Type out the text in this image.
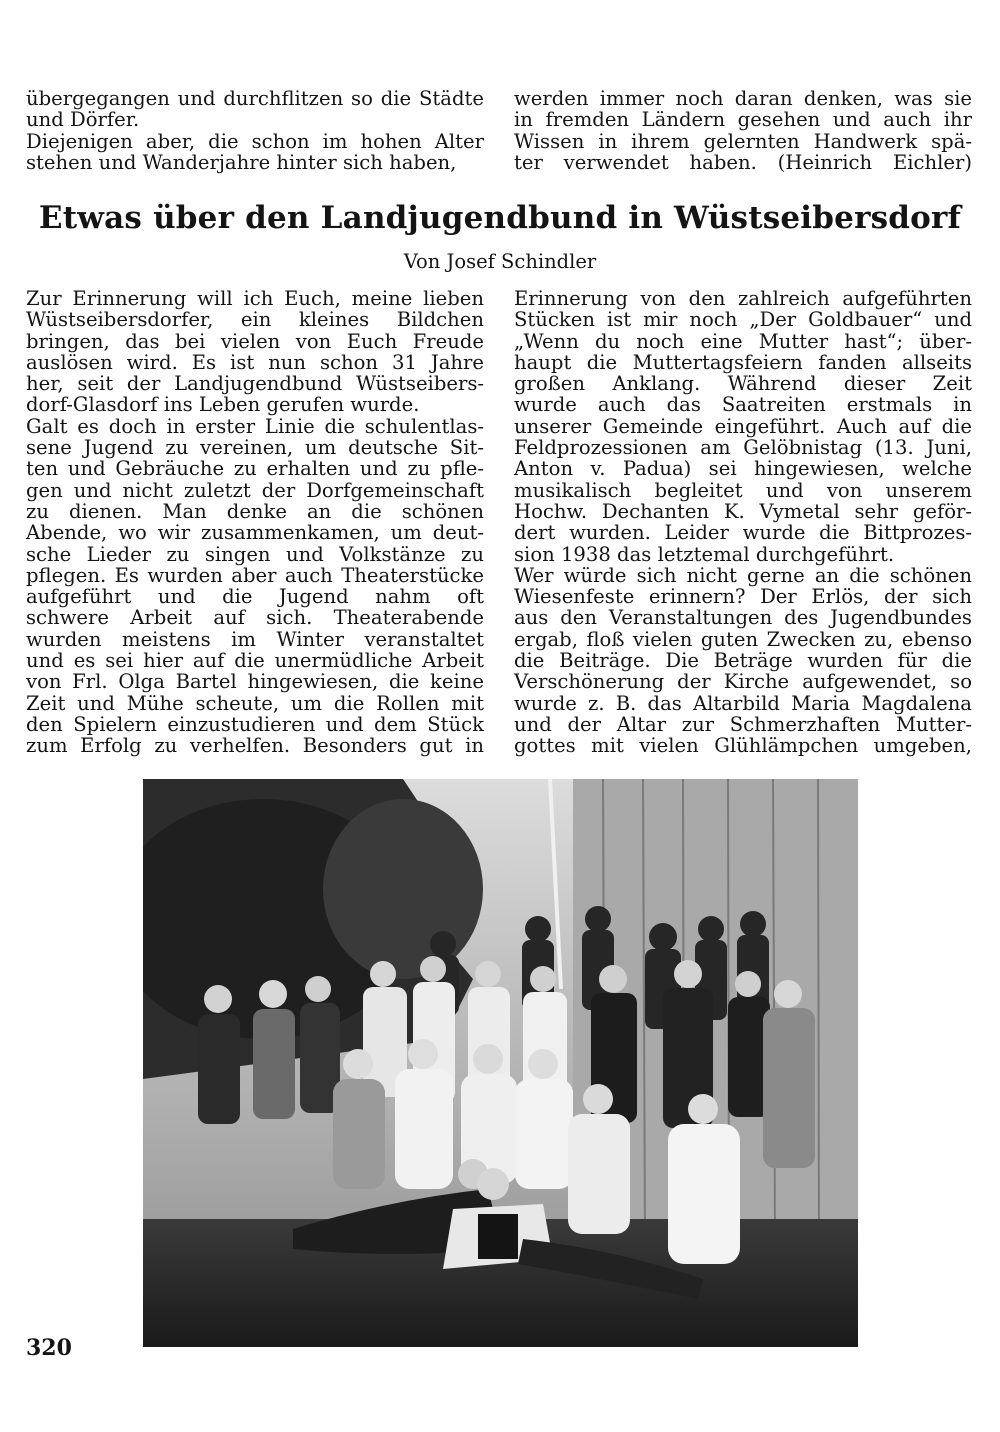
übergegangen und durchflitzen so die Städte
und Dörfer.
Diejenigen aber, die schon im hohen Alter
stehen und Wanderjahre hinter sich haben,
werden immer noch daran denken, was sie
in fremden Ländern gesehen und auch ihr
Wissen in ihrem gelernten Handwerk spä-
ter verwendet haben. (Heinrich Eichler)
Etwas über den Landjugendbund in Wüstseibersdorf
Von Josef Schindler
Zur Erinnerung will ich Euch, meine lieben
Wüstseibersdorfer, ein kleines Bildchen
bringen, das bei vielen von Euch Freude
auslösen wird. Es ist nun schon 31 Jahre
her, seit der Landjugendbund Wüstseibers-
dorf-Glasdorf ins Leben gerufen wurde.
Galt es doch in erster Linie die schulentlas-
sene Jugend zu vereinen, um deutsche Sit-
ten und Gebräuche zu erhalten und zu pfle-
gen und nicht zuletzt der Dorfgemeinschaft
zu dienen. Man denke an die schönen
Abende, wo wir zusammenkamen, um deut-
sche Lieder zu singen und Volkstänze zu
pflegen. Es wurden aber auch Theaterstücke
aufgeführt und die Jugend nahm oft
schwere Arbeit auf sich. Theaterabende
wurden meistens im Winter veranstaltet
und es sei hier auf die unermüdliche Arbeit
von Frl. Olga Bartel hingewiesen, die keine
Zeit und Mühe scheute, um die Rollen mit
den Spielern einzustudieren und dem Stück
zum Erfolg zu verhelfen. Besonders gut in
Erinnerung von den zahlreich aufgeführten
Stücken ist mir noch „Der Goldbauer“ und
„Wenn du noch eine Mutter hast“; über-
haupt die Muttertagsfeiern fanden allseits
großen Anklang. Während dieser Zeit
wurde auch das Saatreiten erstmals in
unserer Gemeinde eingeführt. Auch auf die
Feldprozessionen am Gelöbnistag (13. Juni,
Anton v. Padua) sei hingewiesen, welche
musikalisch begleitet und von unserem
Hochw. Dechanten K. Vymetal sehr geför-
dert wurden. Leider wurde die Bittprozes-
sion 1938 das letztemal durchgeführt.
Wer würde sich nicht gerne an die schönen
Wiesenfeste erinnern? Der Erlös, der sich
aus den Veranstaltungen des Jugendbundes
ergab, floß vielen guten Zwecken zu, ebenso
die Beiträge. Die Beträge wurden für die
Verschönerung der Kirche aufgewendet, so
wurde z. B. das Altarbild Maria Magdalena
und der Altar zur Schmerzhaften Mutter-
gottes mit vielen Glühlämpchen umgeben,
320
